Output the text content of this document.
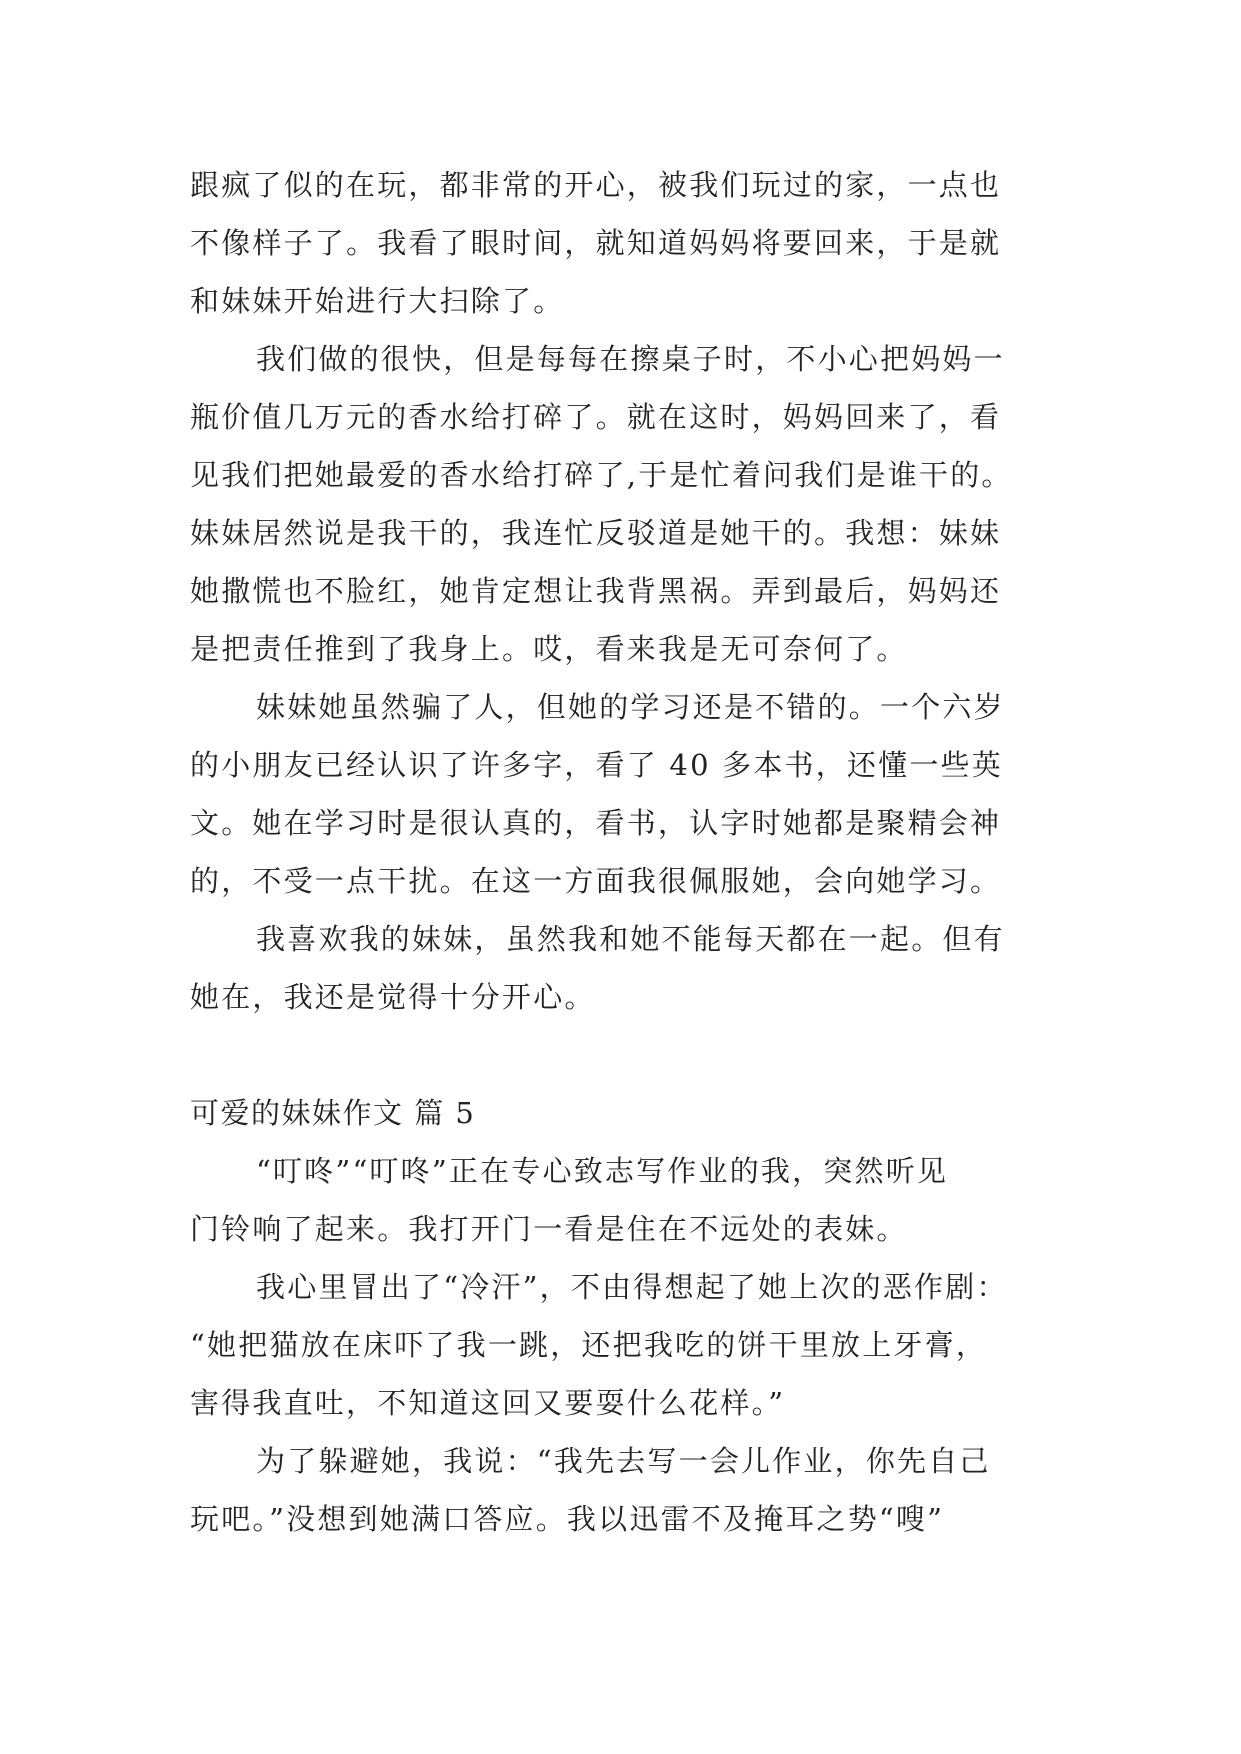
跟疯了似的在玩，都非常的开心，被我们玩过的家，一点也
不像样子了。我看了眼时间，就知道妈妈将要回来，于是就
和妹妹开始进行大扫除了。
我们做的很快，但是每每在擦桌子时，不小心把妈妈一
瓶价值几万元的香水给打碎了。就在这时，妈妈回来了，看
见我们把她最爱的香水给打碎了,于是忙着问我们是谁干的。
妹妹居然说是我干的，我连忙反驳道是她干的。我想：妹妹
她撒慌也不脸红，她肯定想让我背黑祸。弄到最后，妈妈还
是把责任推到了我身上。哎，看来我是无可奈何了。
妹妹她虽然骗了人，但她的学习还是不错的。一个六岁
的小朋友已经认识了许多字，看了 40 多本书，还懂一些英
文。她在学习时是很认真的，看书，认字时她都是聚精会神
的，不受一点干扰。在这一方面我很佩服她，会向她学习。
我喜欢我的妹妹，虽然我和她不能每天都在一起。但有
她在，我还是觉得十分开心。
可爱的妹妹作文 篇 5
“叮咚”“叮咚”正在专心致志写作业的我，突然听见
门铃响了起来。我打开门一看是住在不远处的表妹。
我心里冒出了“冷汗”，不由得想起了她上次的恶作剧：
“她把猫放在床吓了我一跳，还把我吃的饼干里放上牙膏，
害得我直吐，不知道这回又要耍什么花样。”
为了躲避她，我说：“我先去写一会儿作业，你先自己
玩吧。”没想到她满口答应。我以迅雷不及掩耳之势“嗖”
